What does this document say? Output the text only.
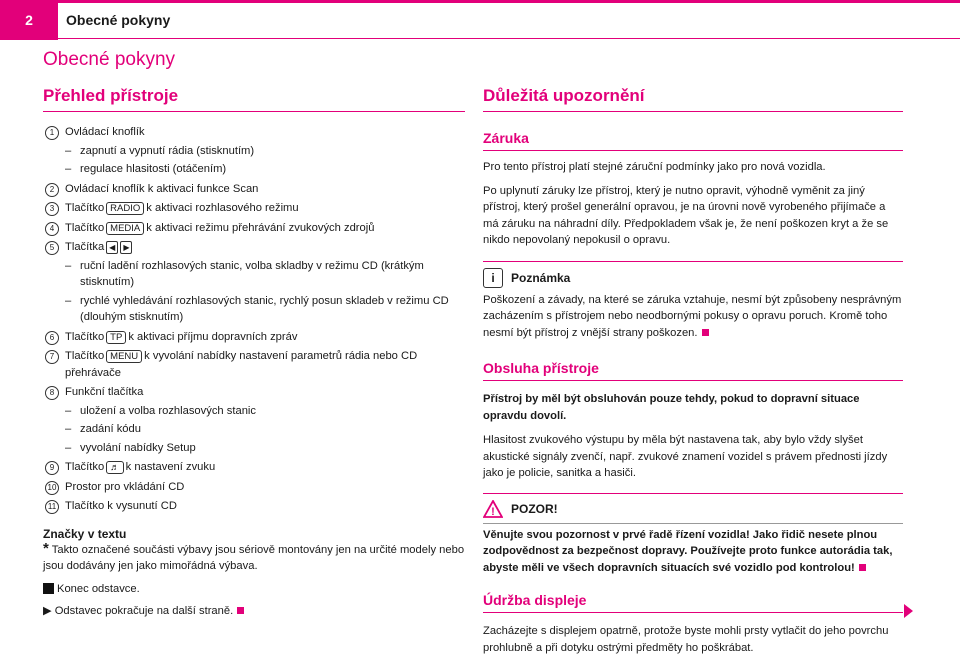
2	Obecné pokyny
Obecné pokyny
Přehled přístroje
1 Ovládací knoflík
– zapnutí a vypnutí rádia (stisknutím)
– regulace hlasitosti (otáčením)
2 Ovládací knoflík k aktivaci funkce Scan
3 Tlačítko RADIO k aktivaci rozhlasového režimu
4 Tlačítko MEDIA k aktivaci režimu přehrávání zvukových zdrojů
5 Tlačítka ◀ ▶
– ruční ladění rozhlasových stanic, volba skladby v režimu CD (krátkým stisknutím)
– rychlé vyhledávání rozhlasových stanic, rychlý posun skladeb v režimu CD (dlouhým stisknutím)
6 Tlačítko TP k aktivaci příjmu dopravních zpráv
7 Tlačítko MENU k vyvolání nabídky nastavení parametrů rádia nebo CD přehrávače
8 Funkční tlačítka
– uložení a volba rozhlasových stanic
– zadání kódu
– vyvolání nabídky Setup
9 Tlačítko ♬ k nastavení zvuku
10 Prostor pro vkládání CD
11 Tlačítko k vysunutí CD
Značky v textu
* Takto označené součásti výbavy jsou sériově montovány jen na určité modely nebo jsou dodávány jen jako mimořádná výbava.
Konec odstavce.
▶ Odstavec pokračuje na další straně.
Důležitá upozornění
Záruka

Pro tento přístroj platí stejné záruční podmínky jako pro nová vozidla.

Po uplynutí záruky lze přístroj, který je nutno opravit, výhodně vyměnit za jiný přístroj, který prošel generální opravou, je na úrovni nově vyrobeného přijímače a má záruku na náhradní díly. Předpokladem však je, že není poškozen kryt a že se nikdo nepovolaný nepokusil o opravu.

i	Poznámka

Poškození a závady, na které se záruka vztahuje, nesmí být způsobeny nesprávným zacházením s přístrojem nebo neodbornými pokusy o opravu poruch. Kromě toho nesmí být přístroj z vnější strany poškozen.

Obsluha přístroje

Přístroj by měl být obsluhován pouze tehdy, pokud to dopravní situace opravdu dovolí.

Hlasitost zvukového výstupu by měla být nastavena tak, aby bylo vždy slyšet akustické signály zvenčí, např. zvukové znamení vozidel s právem přednosti jízdy jako je policie, sanitka a hasiči.

! POZOR!

Věnujte svou pozornost v prvé řadě řízení vozidla! Jako řidič nesete plnou zodpovědnost za bezpečnost dopravy. Používejte proto funkce autorádia tak, abyste měli ve všech dopravních situacích své vozidlo pod kontrolou!

Údržba displeje

Zacházejte s displejem opatrně, protože byste mohli prsty vytlačit do jeho povrchu prohlubně a při dotyku ostrými předměty ho poškrábat.
